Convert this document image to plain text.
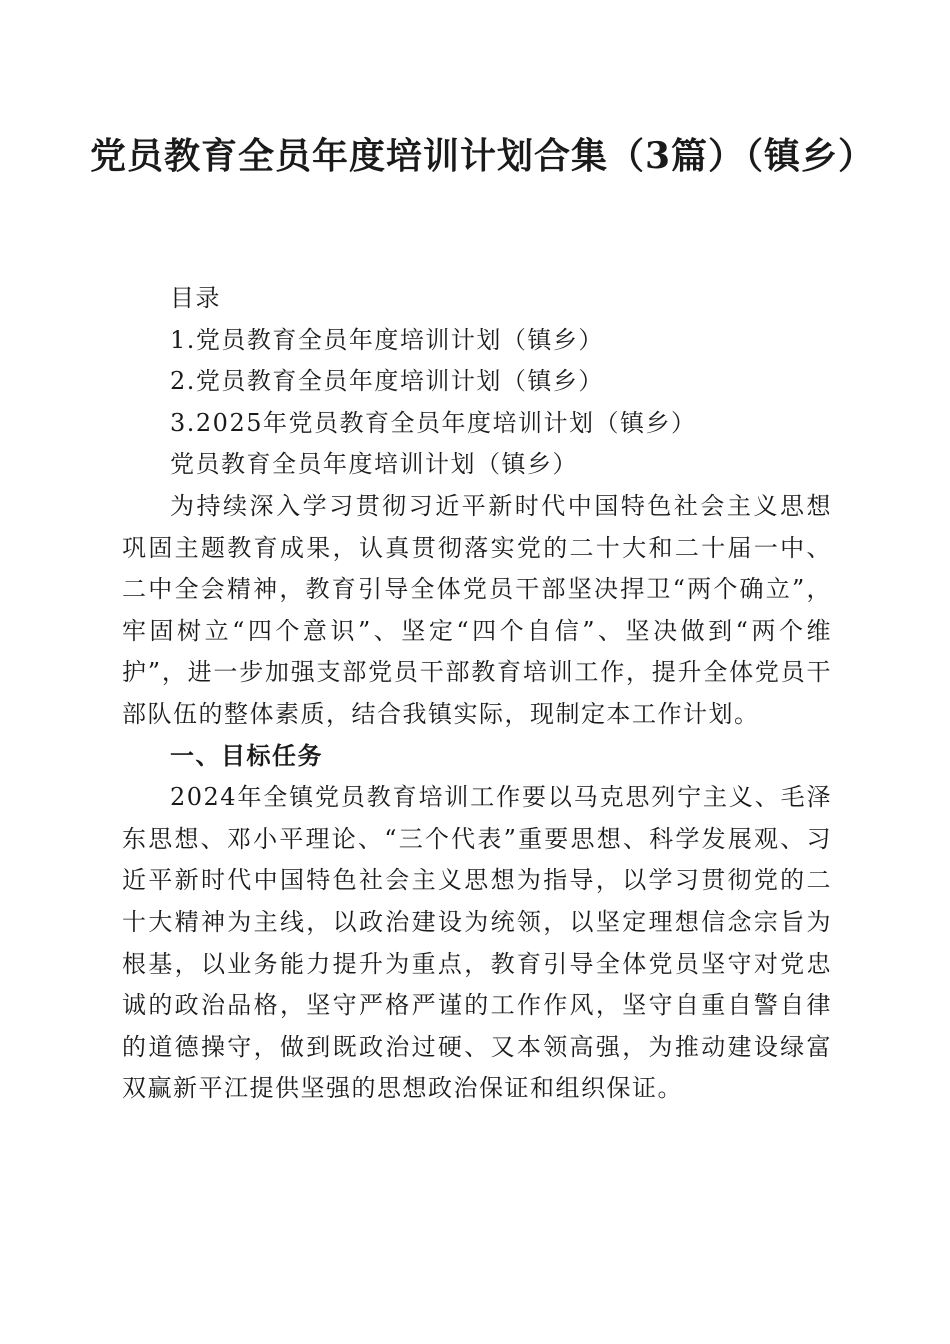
党员教育全员年度培训计划合集（3篇）（镇乡）

目录

1.党员教育全员年度培训计划（镇乡）

2.党员教育全员年度培训计划（镇乡）

3.2025年党员教育全员年度培训计划（镇乡）

党员教育全员年度培训计划（镇乡）

为持续深入学习贯彻习近平新时代中国特色社会主义思想巩固主题教育成果，认真贯彻落实党的二十大和二十届一中、二中全会精神，教育引导全体党员干部坚决捍卫“两个确立”，牢固树立“四个意识”、坚定“四个自信”、坚决做到“两个维护”，进一步加强支部党员干部教育培训工作，提升全体党员干部队伍的整体素质，结合我镇实际，现制定本工作计划。

一、目标任务

2024年全镇党员教育培训工作要以马克思列宁主义、毛泽东思想、邓小平理论、“三个代表”重要思想、科学发展观、习近平新时代中国特色社会主义思想为指导，以学习贯彻党的二十大精神为主线，以政治建设为统领，以坚定理想信念宗旨为根基，以业务能力提升为重点，教育引导全体党员坚守对党忠诚的政治品格，坚守严格严谨的工作作风，坚守自重自警自律的道德操守，做到既政治过硬、又本领高强，为推动建设绿富双赢新平江提供坚强的思想政治保证和组织保证。
